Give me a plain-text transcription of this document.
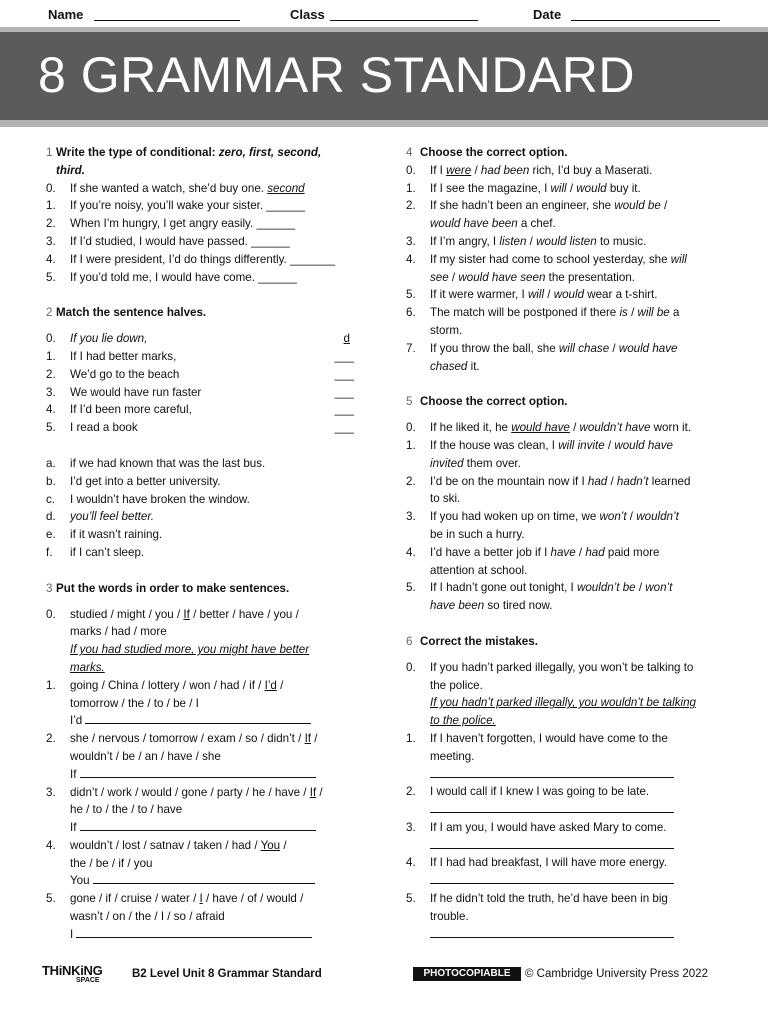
Name	Class	Date
8 GRAMMAR STANDARD
1 Write the type of conditional: zero, first, second,
third.
0. If she wanted a watch, she’d buy one. second
1. If you’re noisy, you’ll wake your sister. ______
2. When I’m hungry, I get angry easily. ______
3. If I’d studied, I would have passed. ______
4. If I were president, I’d do things differently. _______
5. If you’d told me, I would have come. ______
2 Match the sentence halves.
0. If you lie down,	d
1. If I had better marks,	___
2. We’d go to the beach	___
3. We would have run faster	___
4. If I’d been more careful,	___
5. I read a book	___
a. if we had known that was the last bus.
b. I’d get into a better university.
c. I wouldn’t have broken the window.
d. you’ll feel better.
e. if it wasn’t raining.
f. if I can’t sleep.
3 Put the words in order to make sentences.
0. studied / might / you / If / better / have / you /
marks / had / more
If you had studied more, you might have better
marks.
1. going / China / lottery / won / had / if / I’d /
tomorrow / the / to / be / I
I’d
2. she / nervous / tomorrow / exam / so / didn’t / If /
wouldn’t / be / an / have / she
If
3. didn’t / work / would / gone / party / he / have / If /
he / to / the / to / have
If
4. wouldn’t / lost / satnav / taken / had / You /
the / be / if / you
You
5. gone / if / cruise / water / I / have / of / would /
wasn’t / on / the / I / so / afraid
I
4 Choose the correct option.
0. If I were / had been rich, I’d buy a Maserati.
1. If I see the magazine, I will / would buy it.
2. If she hadn’t been an engineer, she would be /
would have been a chef.
3. If I’m angry, I listen / would listen to music.
4. If my sister had come to school yesterday, she will
see / would have seen the presentation.
5. If it were warmer, I will / would wear a t-shirt.
6. The match will be postponed if there is / will be a
storm.
7. If you throw the ball, she will chase / would have
chased it.
5 Choose the correct option.
0. If he liked it, he would have / wouldn’t have worn it.
1. If the house was clean, I will invite / would have
invited them over.
2. I’d be on the mountain now if I had / hadn’t learned
to ski.
3. If you had woken up on time, we won’t / wouldn’t
be in such a hurry.
4. I’d have a better job if I have / had paid more
attention at school.
5. If I hadn’t gone out tonight, I wouldn’t be / won’t
have been so tired now.
6 Correct the mistakes.
0. If you hadn’t parked illegally, you won’t be talking to
the police.
If you hadn’t parked illegally, you wouldn’t be talking
to the police.
1. If I haven’t forgotten, I would have come to the
meeting.
2. I would call if I knew I was going to be late.
3. If I am you, I would have asked Mary to come.
4. If I had had breakfast, I will have more energy.
5. If he didn’t told the truth, he’d have been in big
trouble.
THiNKiNG
SPACE
B2 Level Unit 8 Grammar Standard	PHOTOCOPIABLE	© Cambridge University Press 2022
